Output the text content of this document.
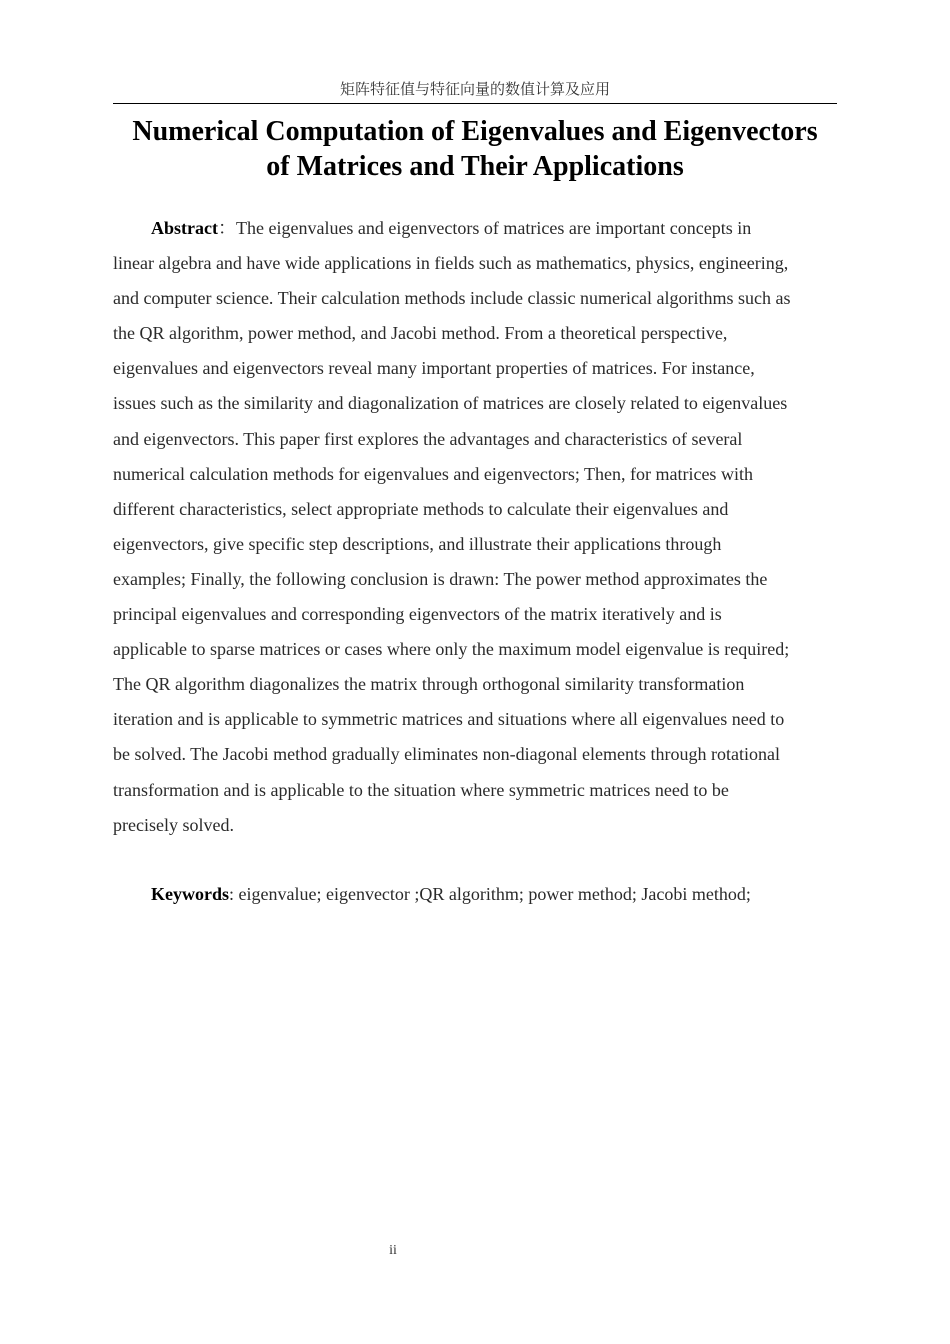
矩阵特征值与特征向量的数值计算及应用
Numerical Computation of Eigenvalues and Eigenvectors
of Matrices and Their Applications
Abstract：The eigenvalues and eigenvectors of matrices are important concepts in
linear algebra and have wide applications in fields such as mathematics, physics, engineering,
and computer science. Their calculation methods include classic numerical algorithms such as
the QR algorithm, power method, and Jacobi method. From a theoretical perspective,
eigenvalues and eigenvectors reveal many important properties of matrices. For instance,
issues such as the similarity and diagonalization of matrices are closely related to eigenvalues
and eigenvectors. This paper first explores the advantages and characteristics of several
numerical calculation methods for eigenvalues and eigenvectors; Then, for matrices with
different characteristics, select appropriate methods to calculate their eigenvalues and
eigenvectors, give specific step descriptions, and illustrate their applications through
examples; Finally, the following conclusion is drawn: The power method approximates the
principal eigenvalues and corresponding eigenvectors of the matrix iteratively and is
applicable to sparse matrices or cases where only the maximum model eigenvalue is required;
The QR algorithm diagonalizes the matrix through orthogonal similarity transformation
iteration and is applicable to symmetric matrices and situations where all eigenvalues need to
be solved. The Jacobi method gradually eliminates non-diagonal elements through rotational
transformation and is applicable to the situation where symmetric matrices need to be
precisely solved.

Keywords: eigenvalue; eigenvector ;QR algorithm; power method; Jacobi method;

ii
